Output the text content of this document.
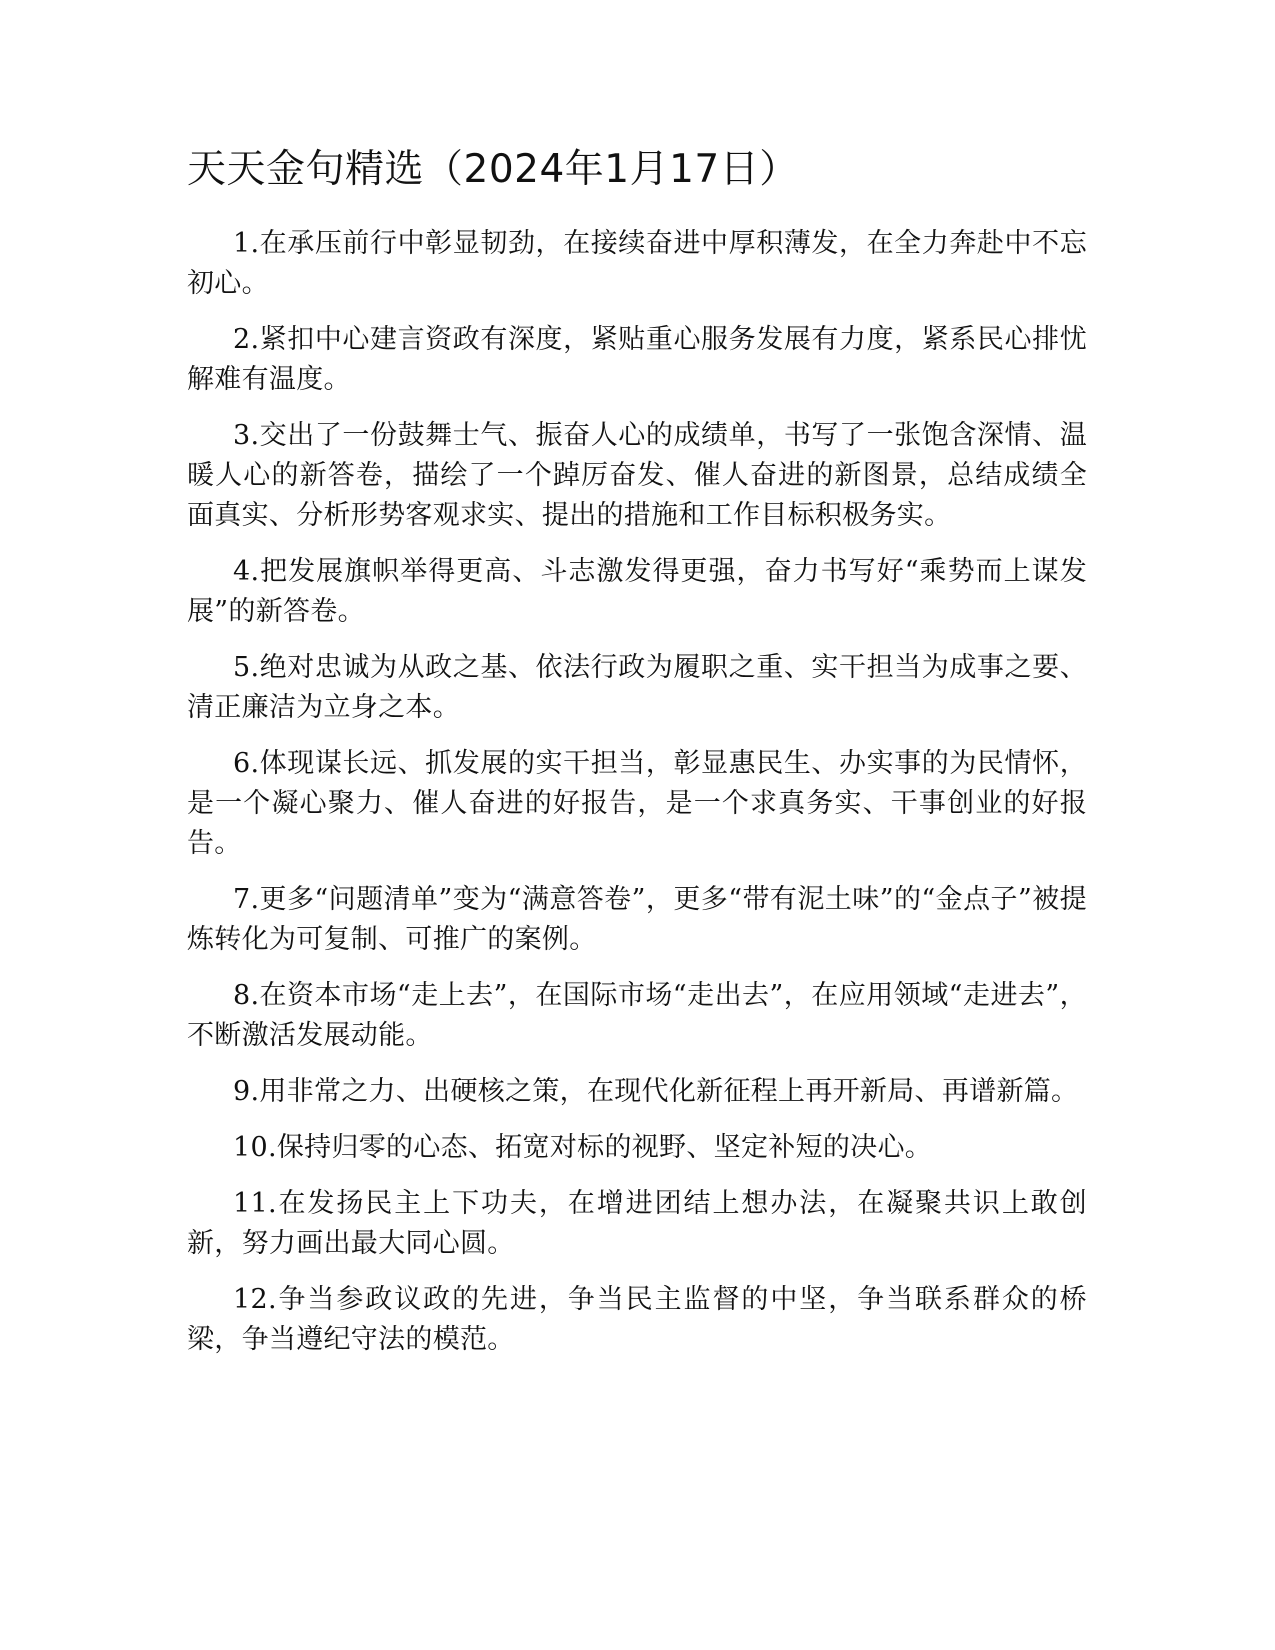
天天金句精选（2024年1月17日）

1.在承压前行中彰显韧劲，在接续奋进中厚积薄发，在全力奔赴中不忘初心。

2.紧扣中心建言资政有深度，紧贴重心服务发展有力度，紧系民心排忧解难有温度。

3.交出了一份鼓舞士气、振奋人心的成绩单，书写了一张饱含深情、温暖人心的新答卷，描绘了一个踔厉奋发、催人奋进的新图景，总结成绩全面真实、分析形势客观求实、提出的措施和工作目标积极务实。

4.把发展旗帜举得更高、斗志激发得更强，奋力书写好“乘势而上谋发展”的新答卷。

5.绝对忠诚为从政之基、依法行政为履职之重、实干担当为成事之要、清正廉洁为立身之本。

6.体现谋长远、抓发展的实干担当，彰显惠民生、办实事的为民情怀，是一个凝心聚力、催人奋进的好报告，是一个求真务实、干事创业的好报告。

7.更多“问题清单”变为“满意答卷”，更多“带有泥土味”的“金点子”被提炼转化为可复制、可推广的案例。

8.在资本市场“走上去”，在国际市场“走出去”，在应用领域“走进去”，不断激活发展动能。

9.用非常之力、出硬核之策，在现代化新征程上再开新局、再谱新篇。

10.保持归零的心态、拓宽对标的视野、坚定补短的决心。

11.在发扬民主上下功夫，在增进团结上想办法，在凝聚共识上敢创新，努力画出最大同心圆。

12.争当参政议政的先进，争当民主监督的中坚，争当联系群众的桥梁，争当遵纪守法的模范。
